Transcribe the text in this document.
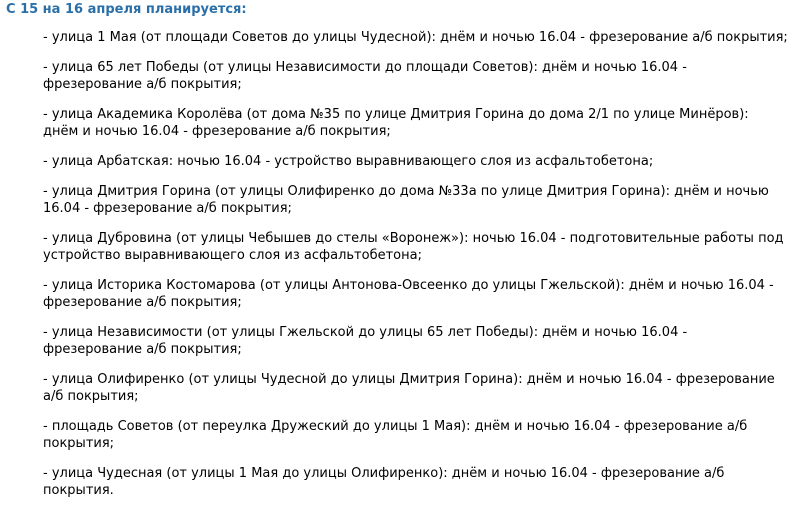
С 15 на 16 апреля планируется:
- улица 1 Мая (от площади Советов до улицы Чудесной): днём и ночью 16.04 - фрезерование а/б покрытия;
- улица 65 лет Победы (от улицы Независимости до площади Советов): днём и ночью 16.04 - фрезерование а/б покрытия;
- улица Академика Королёва (от дома №35 по улице Дмитрия Горина до дома 2/1 по улице Минёров): днём и ночью 16.04 - фрезерование а/б покрытия;
- улица Арбатская: ночью 16.04 - устройство выравнивающего слоя из асфальтобетона;
- улица Дмитрия Горина (от улицы Олифиренко до дома №33а по улице Дмитрия Горина): днём и ночью 16.04 - фрезерование а/б покрытия;
- улица Дубровина (от улицы Чебышев до стелы «Воронеж»): ночью 16.04 - подготовительные работы под устройство выравнивающего слоя из асфальтобетона;
- улица Историка Костомарова (от улицы Антонова-Овсеенко до улицы Гжельской): днём и ночью 16.04 - фрезерование а/б покрытия;
- улица Независимости (от улицы Гжельской до улицы 65 лет Победы): днём и ночью 16.04 - фрезерование а/б покрытия;
- улица Олифиренко (от улицы Чудесной до улицы Дмитрия Горина): днём и ночью 16.04 - фрезерование а/б покрытия;
- площадь Советов (от переулка Дружеский до улицы 1 Мая): днём и ночью 16.04 - фрезерование а/б покрытия;
- улица Чудесная (от улицы 1 Мая до улицы Олифиренко): днём и ночью 16.04 - фрезерование а/б покрытия.
